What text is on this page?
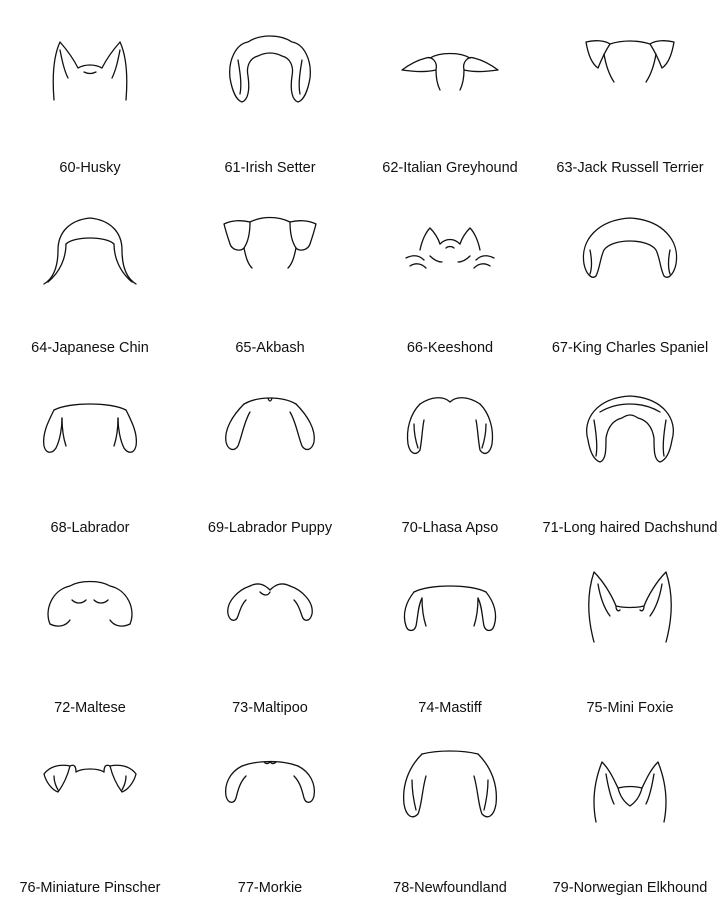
60-Husky	61-Irish Setter	62-Italian Greyhound	63-Jack Russell Terrier
64-Japanese Chin	65-Akbash	66-Keeshond	67-King Charles Spaniel
68-Labrador	69-Labrador Puppy	70-Lhasa Apso	71-Long haired Dachshund
72-Maltese	73-Maltipoo	74-Mastiff	75-Mini Foxie
76-Miniature Pinscher	77-Morkie	78-Newfoundland	79-Norwegian Elkhound
